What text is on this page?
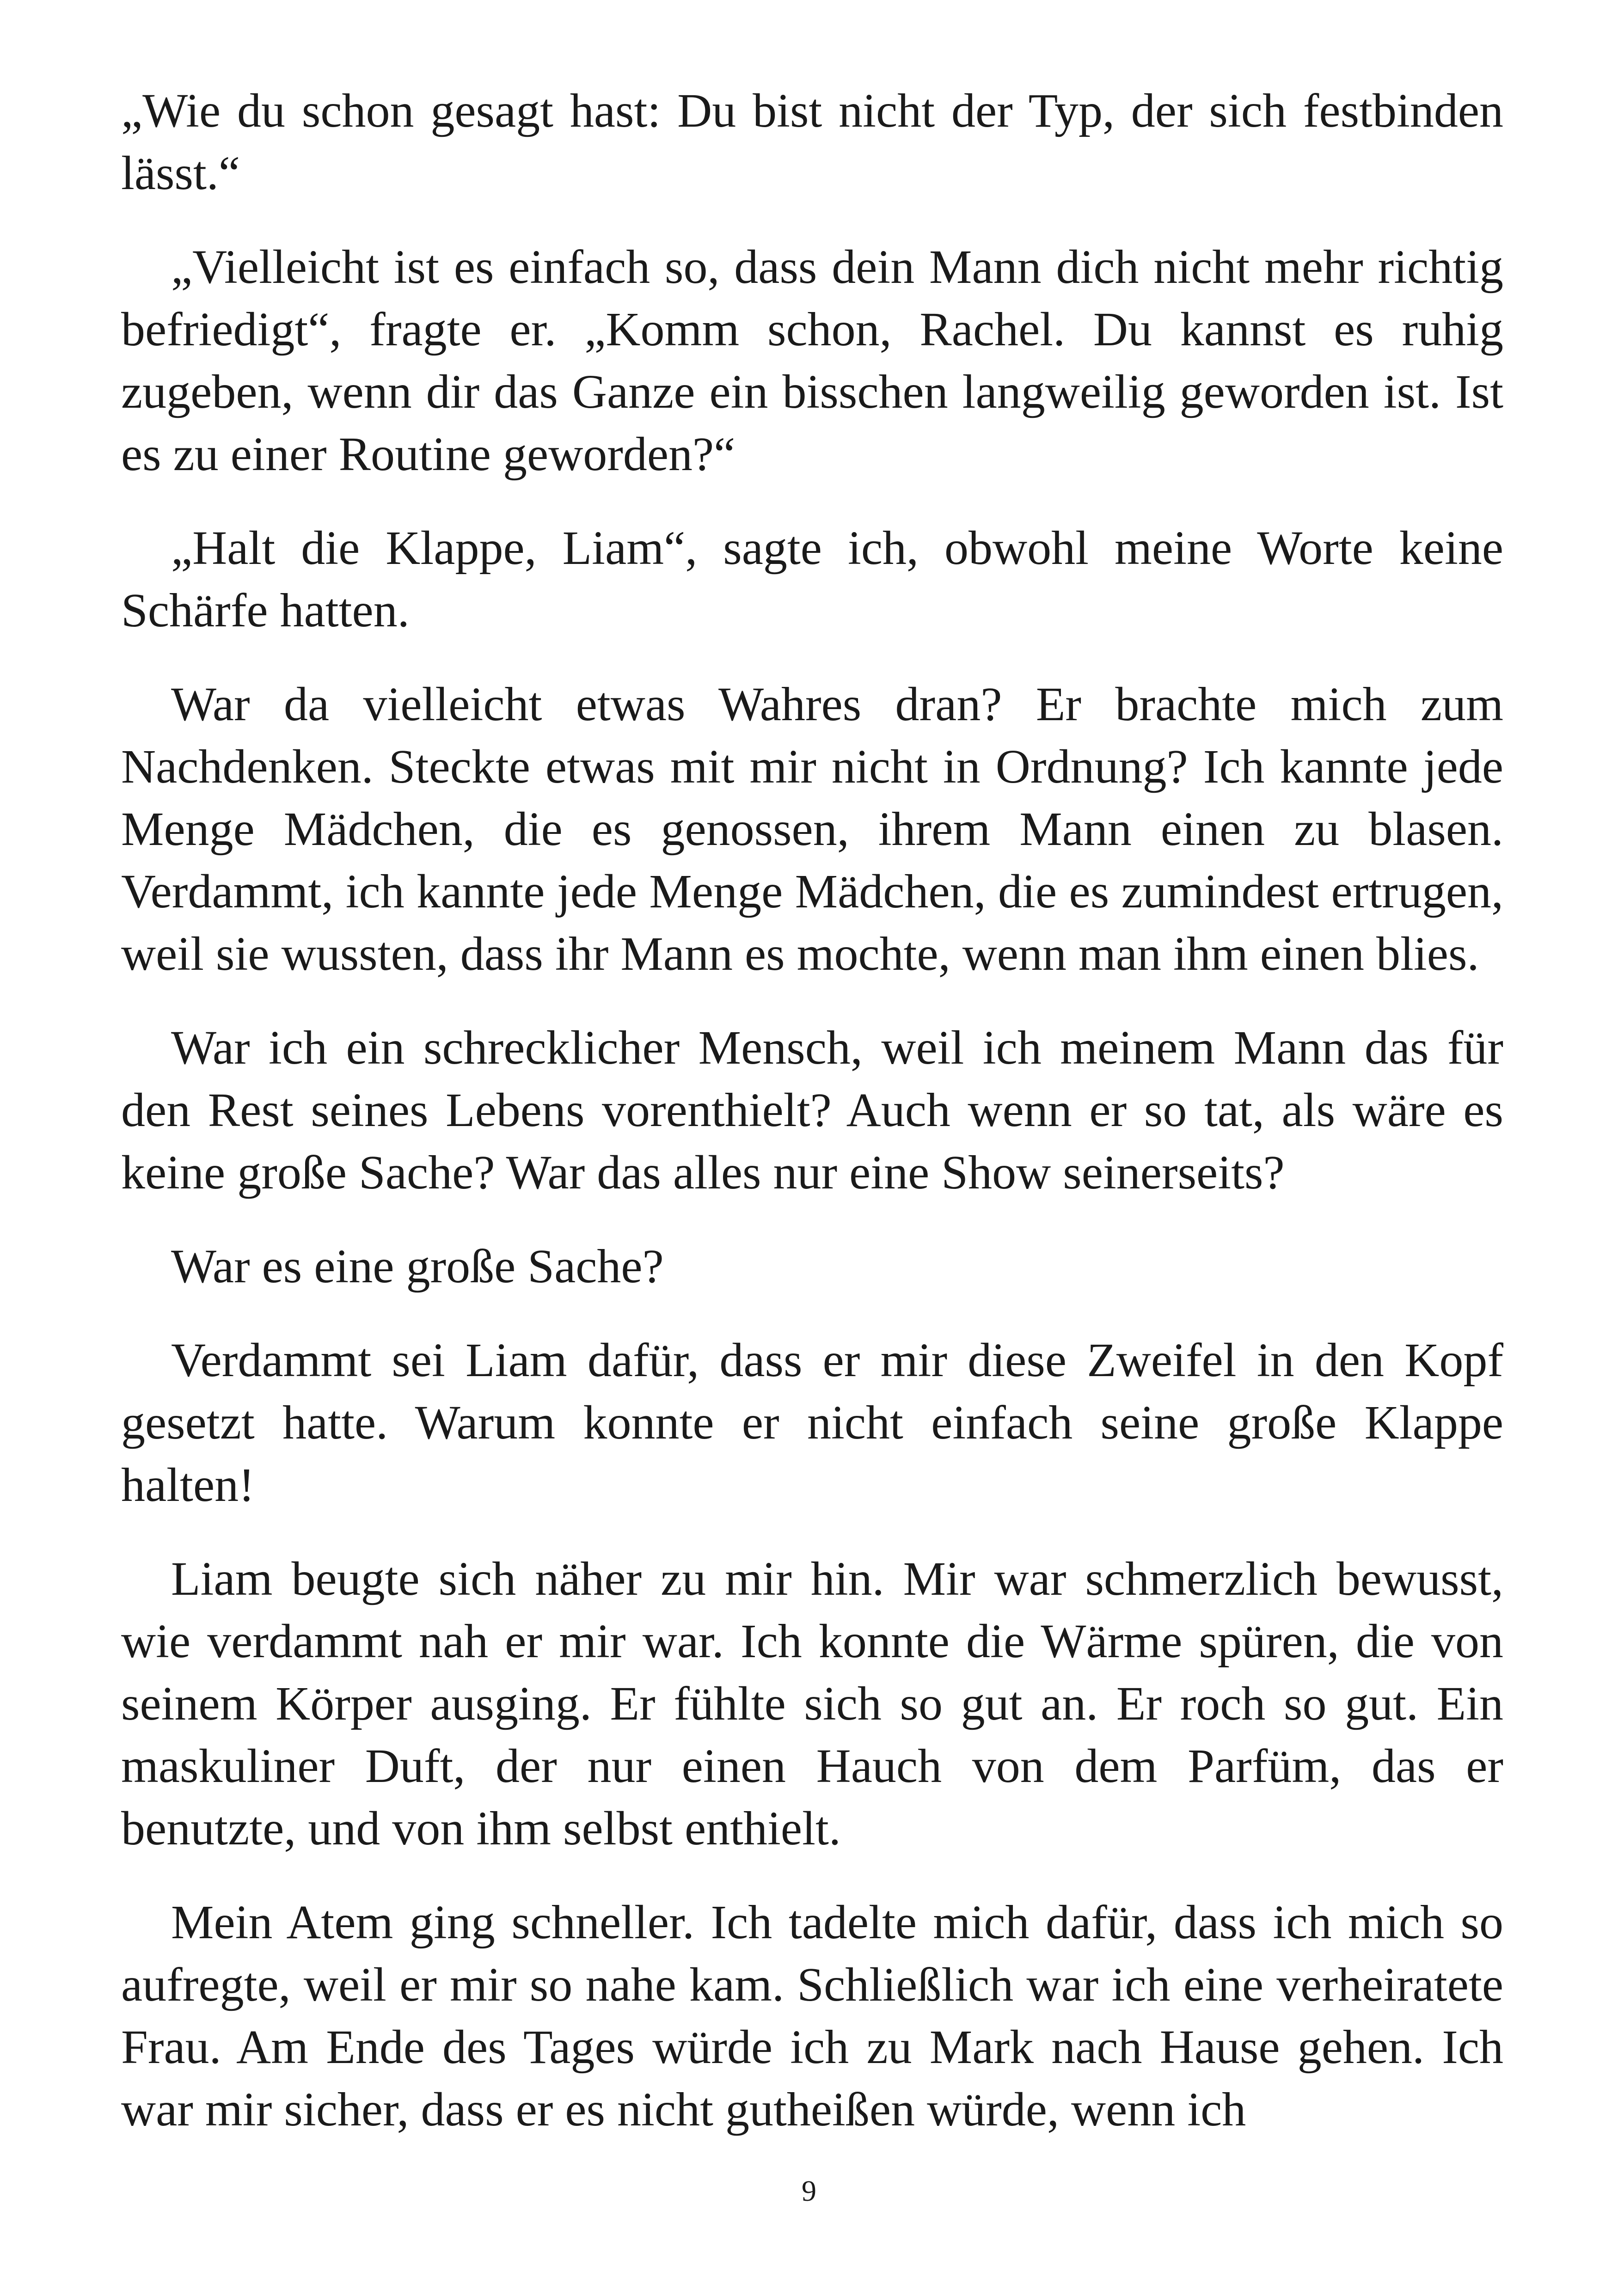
„Wie du schon gesagt hast: Du bist nicht der Typ, der sich festbinden lässt.“

„Vielleicht ist es einfach so, dass dein Mann dich nicht mehr richtig befriedigt“, fragte er. „Komm schon, Rachel. Du kannst es ruhig zugeben, wenn dir das Ganze ein bisschen langweilig geworden ist. Ist es zu einer Routine geworden?“

„Halt die Klappe, Liam“, sagte ich, obwohl meine Worte keine Schärfe hatten.

War da vielleicht etwas Wahres dran? Er brachte mich zum Nachdenken. Steckte etwas mit mir nicht in Ordnung? Ich kannte jede Menge Mädchen, die es genossen, ihrem Mann einen zu blasen. Verdammt, ich kannte jede Menge Mädchen, die es zumindest ertrugen, weil sie wussten, dass ihr Mann es mochte, wenn man ihm einen blies.

War ich ein schrecklicher Mensch, weil ich meinem Mann das für den Rest seines Lebens vorenthielt? Auch wenn er so tat, als wäre es keine große Sache? War das alles nur eine Show seinerseits?

War es eine große Sache?

Verdammt sei Liam dafür, dass er mir diese Zweifel in den Kopf gesetzt hatte. Warum konnte er nicht einfach seine große Klappe halten!

Liam beugte sich näher zu mir hin. Mir war schmerzlich bewusst, wie verdammt nah er mir war. Ich konnte die Wärme spüren, die von seinem Körper ausging. Er fühlte sich so gut an. Er roch so gut. Ein maskuliner Duft, der nur einen Hauch von dem Parfüm, das er benutzte, und von ihm selbst enthielt.

Mein Atem ging schneller. Ich tadelte mich dafür, dass ich mich so aufregte, weil er mir so nahe kam. Schließlich war ich eine verheiratete Frau. Am Ende des Tages würde ich zu Mark nach Hause gehen. Ich war mir sicher, dass er es nicht gutheißen würde, wenn ich

9
